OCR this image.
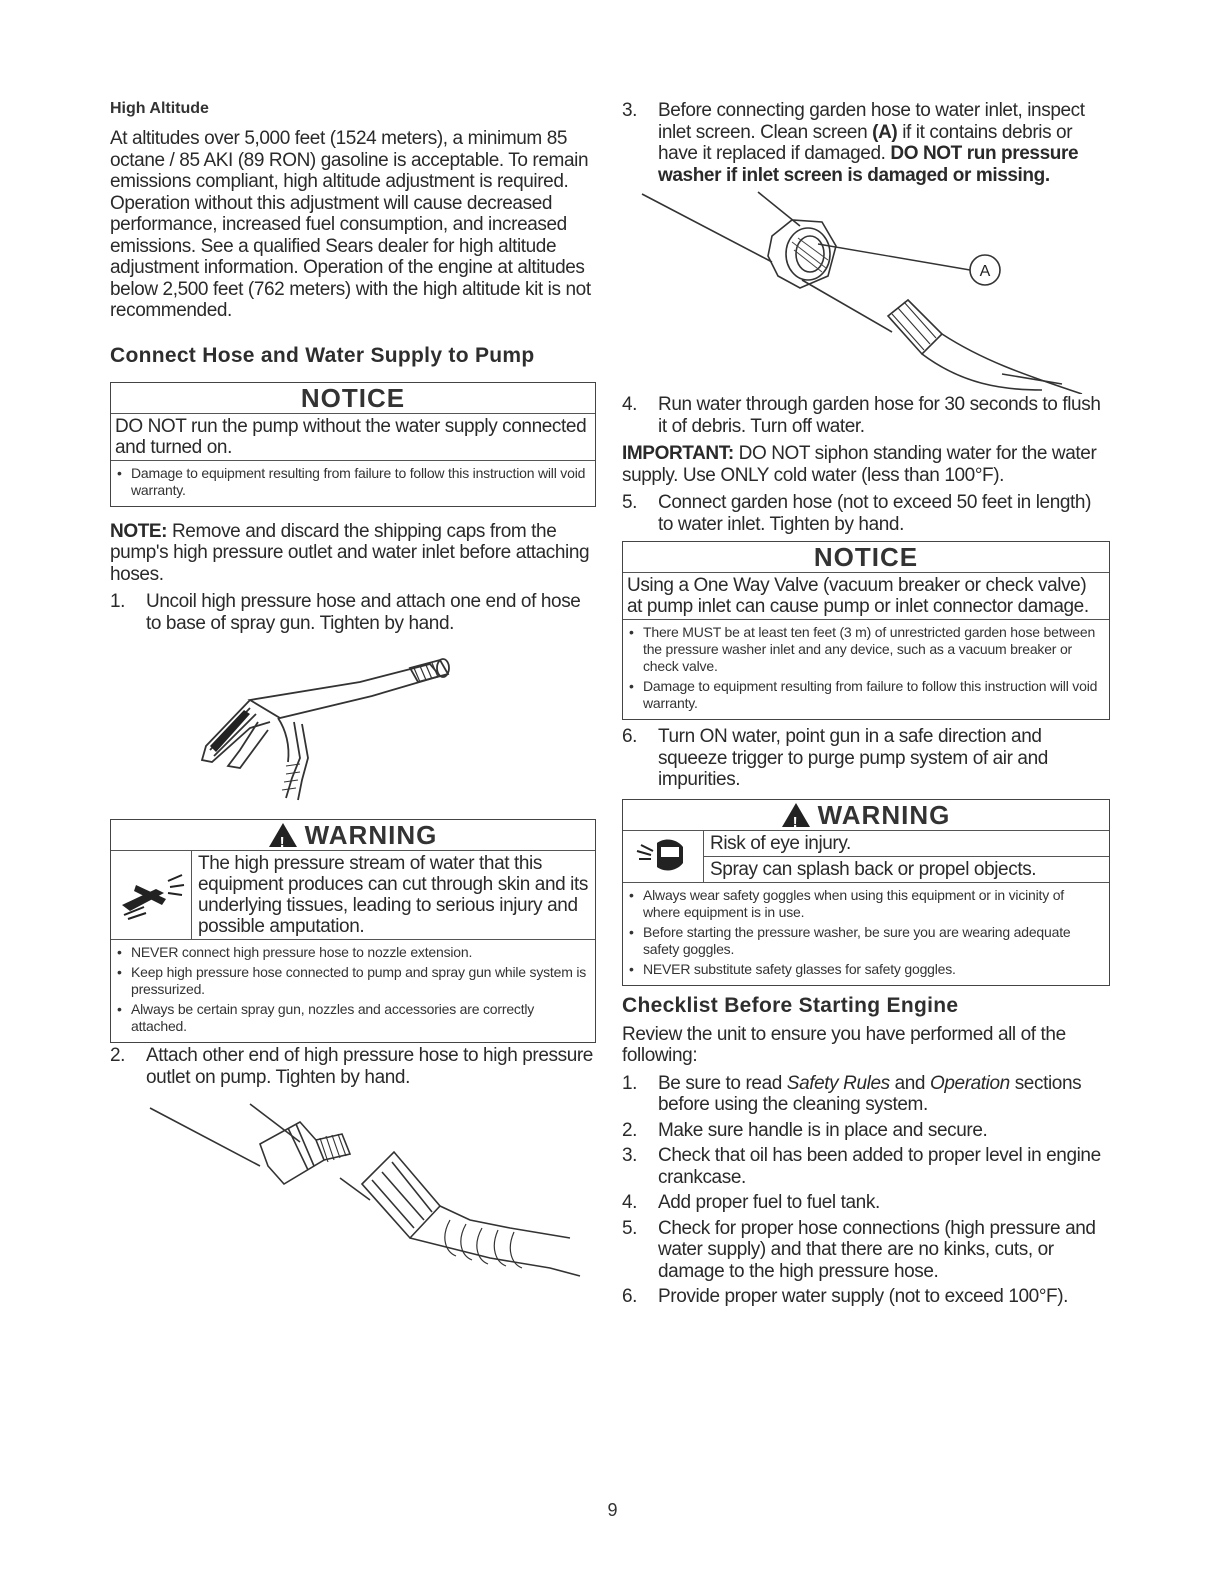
High Altitude

At altitudes over 5,000 feet (1524 meters), a minimum 85 octane / 85 AKI (89 RON) gasoline is acceptable. To remain emissions compliant, high altitude adjustment is required. Operation without this adjustment will cause decreased performance, increased fuel consumption, and increased emissions. See a qualified Sears dealer for high altitude adjustment information. Operation of the engine at altitudes below 2,500 feet (762 meters) with the high altitude kit is not recommended.

Connect Hose and Water Supply to Pump
NOTICE
DO NOT run the pump without the water supply connected and turned on.
• Damage to equipment resulting from failure to follow this instruction will void warranty.

NOTE: Remove and discard the shipping caps from the pump's high pressure outlet and water inlet before attaching hoses.

1. Uncoil high pressure hose and attach one end of hose to base of spray gun. Tighten by hand.
!
WARNING
The high pressure stream of water that this equipment produces can cut through skin and its underlying tissues, leading to serious injury and possible amputation.
• NEVER connect high pressure hose to nozzle extension.
• Keep high pressure hose connected to pump and spray gun while system is pressurized.
• Always be certain spray gun, nozzles and accessories are correctly attached.
2. Attach other end of high pressure hose to high pressure outlet on pump. Tighten by hand.
3. Before connecting garden hose to water inlet, inspect inlet screen. Clean screen (A) if it contains debris or have it replaced if damaged. DO NOT run pressure washer if inlet screen is damaged or missing.
A
4. Run water through garden hose for 30 seconds to flush it of debris. Turn off water.

IMPORTANT: DO NOT siphon standing water for the water supply. Use ONLY cold water (less than 100°F).

5. Connect garden hose (not to exceed 50 feet in length) to water inlet. Tighten by hand.
NOTICE
Using a One Way Valve (vacuum breaker or check valve) at pump inlet can cause pump or inlet connector damage.
• There MUST be at least ten feet (3 m) of unrestricted garden hose between the pressure washer inlet and any device, such as a vacuum breaker or check valve.
• Damage to equipment resulting from failure to follow this instruction will void warranty.
6. Turn ON water, point gun in a safe direction and squeeze trigger to purge pump system of air and impurities.
!
WARNING
Risk of eye injury.
Spray can splash back or propel objects.
• Always wear safety goggles when using this equipment or in vicinity of where equipment is in use.
• Before starting the pressure washer, be sure you are wearing adequate safety goggles.
• NEVER substitute safety glasses for safety goggles.
Checklist Before Starting Engine

Review the unit to ensure you have performed all of the following:

1. Be sure to read Safety Rules and Operation sections before using the cleaning system.
2. Make sure handle is in place and secure.
3. Check that oil has been added to proper level in engine crankcase.
4. Add proper fuel to fuel tank.
5. Check for proper hose connections (high pressure and water supply) and that there are no kinks, cuts, or damage to the high pressure hose.
6. Provide proper water supply (not to exceed 100°F).
9
